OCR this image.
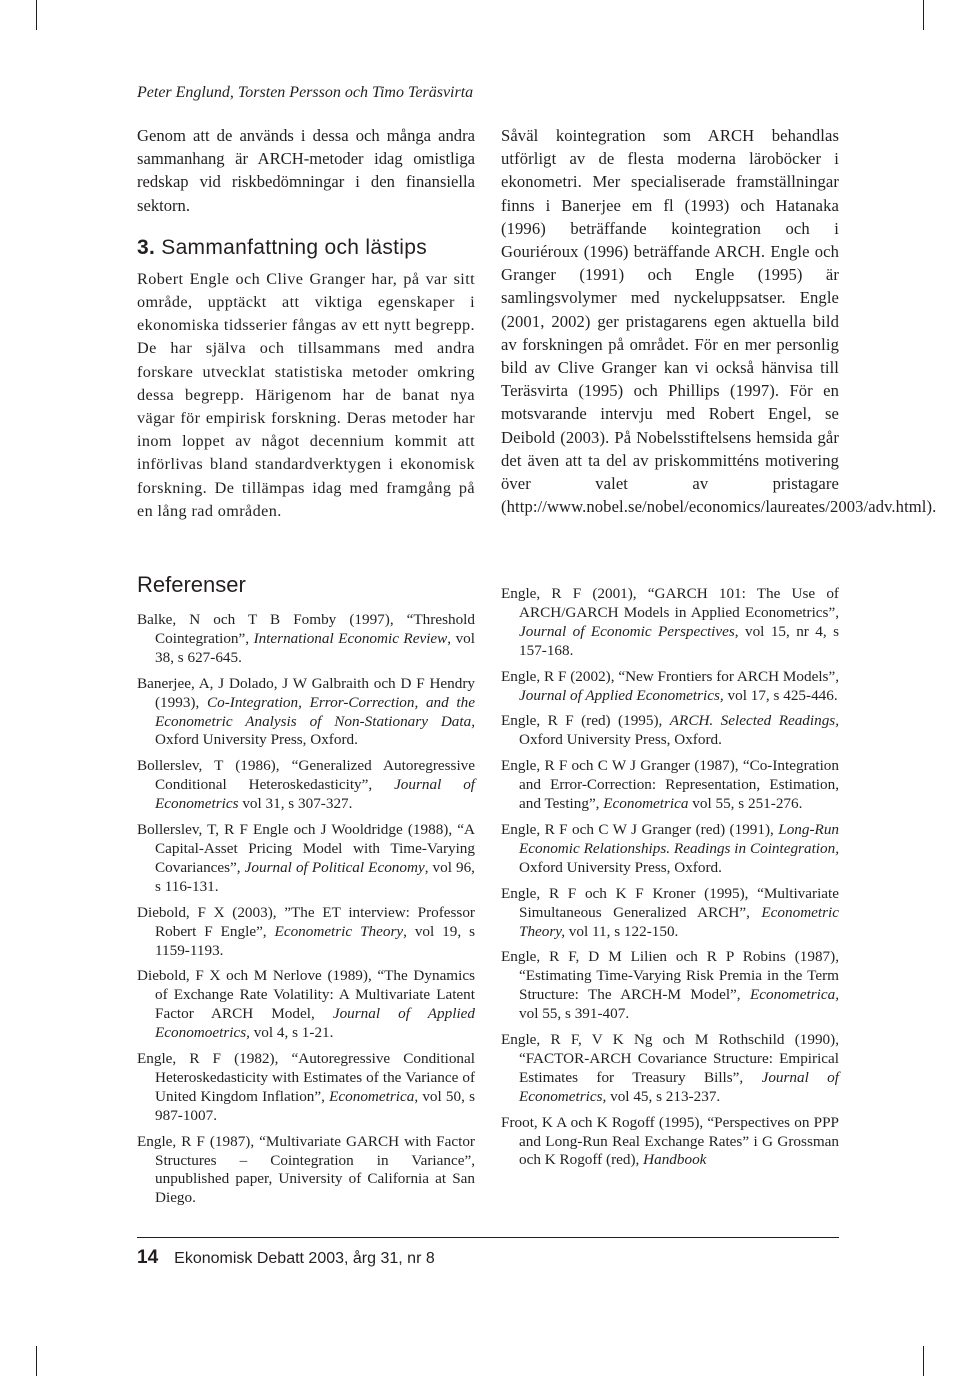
Peter Englund, Torsten Persson och Timo Teräsvirta

Genom att de används i dessa och många andra sammanhang är ARCH-metoder idag omistliga redskap vid riskbedömningar i den finansiella sektorn.

3. Sammanfattning och lästips

Robert Engle och Clive Granger har, på var sitt område, upptäckt att viktiga egenskaper i ekonomiska tidsserier fångas av ett nytt begrepp. De har själva och tillsammans med andra forskare utvecklat statistiska metoder omkring dessa begrepp. Härigenom har de banat nya vägar för empirisk forskning. Deras metoder har inom loppet av något decennium kommit att införlivas bland standardverktygen i ekonomisk forskning. De tillämpas idag med framgång på en lång rad områden.

Såväl kointegration som ARCH behandlas utförligt av de flesta moderna läroböcker i ekonometri. Mer specialiserade framställningar finns i Banerjee em fl (1993) och Hatanaka (1996) beträffande kointegration och i Gouriéroux (1996) beträffande ARCH. Engle och Granger (1991) och Engle (1995) är samlingsvolymer med nyckeluppsatser. Engle (2001, 2002) ger pristagarens egen aktuella bild av forskningen på området. För en mer personlig bild av Clive Granger kan vi också hänvisa till Teräsvirta (1995) och Phillips (1997). För en motsvarande intervju med Robert Engel, se Deibold (2003). På Nobelsstiftelsens hemsida går det även att ta del av priskommitténs motivering över valet av pristagare (http://www.nobel.se/nobel/economics/laureates/2003/adv.html).

Referenser
Balke, N och T B Fomby (1997), “Threshold Cointegration”, International Economic Review, vol 38, s 627-645.
Banerjee, A, J Dolado, J W Galbraith och D F Hendry (1993), Co-Integration, Error-Correction, and the Econometric Analysis of Non-Stationary Data, Oxford University Press, Oxford.
Bollerslev, T (1986), “Generalized Autoregressive Conditional Heteroskedasticity”, Journal of Econometrics vol 31, s 307-327.
Bollerslev, T, R F Engle och J Wooldridge (1988), “A Capital-Asset Pricing Model with Time-Varying Covariances”, Journal of Political Economy, vol 96, s 116-131.
Diebold, F X (2003), ”The ET interview: Professor Robert F Engle”, Econometric Theory, vol 19, s 1159-1193.
Diebold, F X och M Nerlove (1989), “The Dynamics of Exchange Rate Volatility: A Multivariate Latent Factor ARCH Model, Journal of Applied Economoetrics, vol 4, s 1-21.
Engle, R F (1982), “Autoregressive Conditional Heteroskedasticity with Estimates of the Variance of United Kingdom Inflation”, Econometrica, vol 50, s 987-1007.
Engle, R F (1987), “Multivariate GARCH with Factor Structures – Cointegration in Variance”, unpublished paper, University of California at San Diego.
Engle, R F (2001), “GARCH 101: The Use of ARCH/GARCH Models in Applied Econometrics”, Journal of Economic Perspectives, vol 15, nr 4, s 157-168.
Engle, R F (2002), “New Frontiers for ARCH Models”, Journal of Applied Econometrics, vol 17, s 425-446.
Engle, R F (red) (1995), ARCH. Selected Readings, Oxford University Press, Oxford.
Engle, R F och C W J Granger (1987), “Co-Integration and Error-Correction: Representation, Estimation, and Testing”, Econometrica vol 55, s 251-276.
Engle, R F och C W J Granger (red) (1991), Long-Run Economic Relationships. Readings in Cointegration, Oxford University Press, Oxford.
Engle, R F och K F Kroner (1995), “Multivariate Simultaneous Generalized ARCH”, Econometric Theory, vol 11, s 122-150.
Engle, R F, D M Lilien och R P Robins (1987), “Estimating Time-Varying Risk Premia in the Term Structure: The ARCH-M Model”, Econometrica, vol 55, s 391-407.
Engle, R F, V K Ng och M Rothschild (1990), “FACTOR-ARCH Covariance Structure: Empirical Estimates for Treasury Bills”, Journal of Econometrics, vol 45, s 213-237.
Froot, K A och K Rogoff (1995), “Perspectives on PPP and Long-Run Real Exchange Rates” i G Grossman och K Rogoff (red), Handbook
14 Ekonomisk Debatt 2003, årg 31, nr 8
